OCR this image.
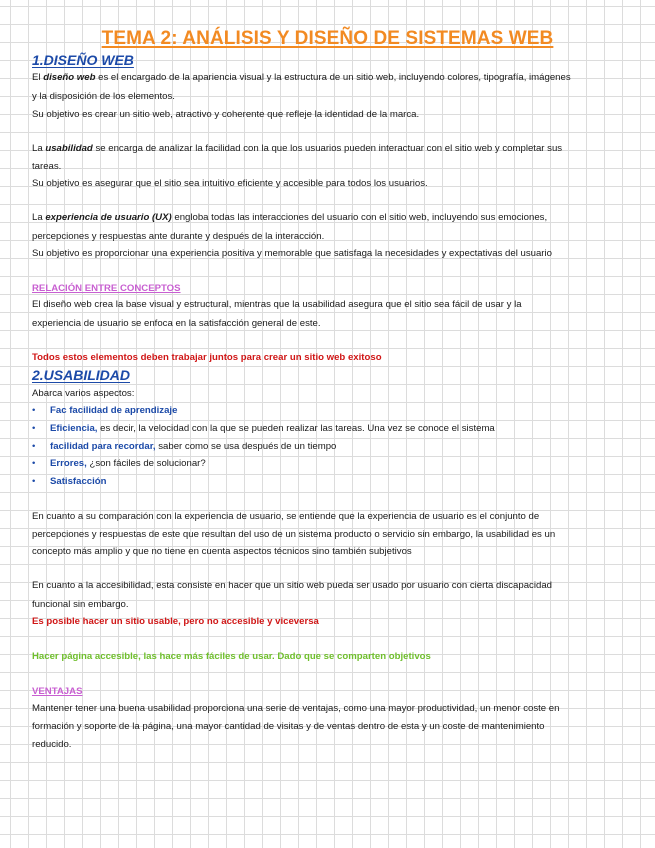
TEMA 2: ANÁLISIS Y DISEÑO DE SISTEMAS WEB
1.DISEÑO WEB
El diseño web es el encargado de la apariencia visual y la estructura de un sitio web, incluyendo colores, tipografía, imágenes
y la disposición de los elementos.
Su objetivo es crear un sitio web, atractivo y coherente que refleje la identidad de la marca.
La usabilidad se encarga de analizar la facilidad con la que los usuarios pueden interactuar con el sitio web y completar sus
tareas.
Su objetivo es asegurar que el sitio sea intuitivo eficiente y accesible para todos los usuarios.
La experiencia de usuario (UX) engloba todas las interacciones del usuario con el sitio web, incluyendo sus emociones,
percepciones y respuestas ante durante y después de la interacción.
Su objetivo es proporcionar una experiencia positiva y memorable que satisfaga la necesidades y expectativas del usuario
RELACIÓN ENTRE CONCEPTOS
El diseño web crea la base visual y estructural, mientras que la usabilidad asegura que el sitio sea fácil de usar y la
experiencia de usuario se enfoca en la satisfacción general de este.
Todos estos elementos deben trabajar juntos para crear un sitio web exitoso
2.USABILIDAD
Abarca varios aspectos:
• Fac facilidad de aprendizaje
• Eficiencia, es decir, la velocidad con la que se pueden realizar las tareas. Una vez se conoce el sistema
• facilidad para recordar, saber como se usa después de un tiempo
• Errores, ¿son fáciles de solucionar?
• Satisfacción
En cuanto a su comparación con la experiencia de usuario, se entiende que la experiencia de usuario es el conjunto de
percepciones y respuestas de este que resultan del uso de un sistema producto o servicio sin embargo, la usabilidad es un
concepto más amplio y que no tiene en cuenta aspectos técnicos sino también subjetivos
En cuanto a la accesibilidad, esta consiste en hacer que un sitio web pueda ser usado por usuario con cierta discapacidad
funcional sin embargo.
Es posible hacer un sitio usable, pero no accesible y viceversa
Hacer página accesible, las hace más fáciles de usar. Dado que se comparten objetivos
VENTAJAS
Mantener tener una buena usabilidad proporciona una serie de ventajas, como una mayor productividad, un menor coste en
formación y soporte de la página, una mayor cantidad de visitas y de ventas dentro de esta y un coste de mantenimiento
reducido.
